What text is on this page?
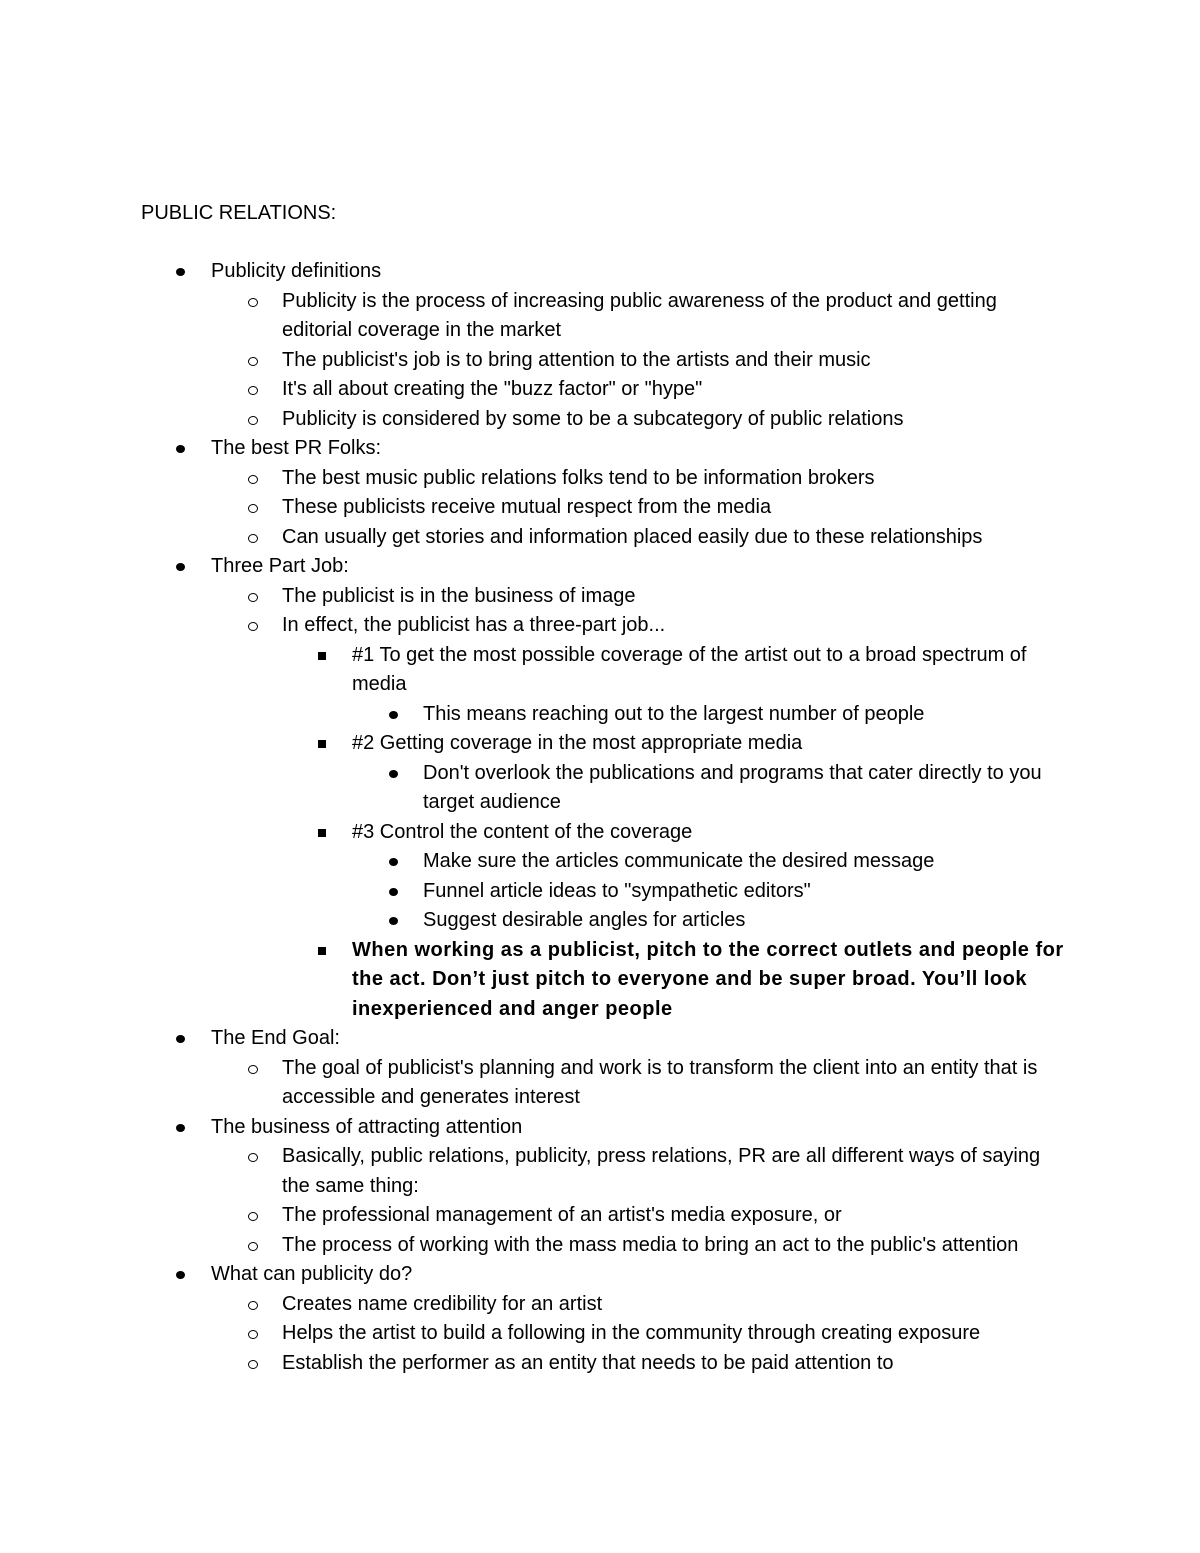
PUBLIC RELATIONS:
Publicity definitions
Publicity is the process of increasing public awareness of the product and getting editorial coverage in the market
The publicist's job is to bring attention to the artists and their music
It's all about creating the "buzz factor" or "hype"
Publicity is considered by some to be a subcategory of public relations
The best PR Folks:
The best music public relations folks tend to be information brokers
These publicists receive mutual respect from the media
Can usually get stories and information placed easily due to these relationships
Three Part Job:
The publicist is in the business of image
In effect, the publicist has a three-part job...
#1 To get the most possible coverage of the artist out to a broad spectrum of media
This means reaching out to the largest number of people
#2 Getting coverage in the most appropriate media
Don't overlook the publications and programs that cater directly to you target audience
#3 Control the content of the coverage
Make sure the articles communicate the desired message
Funnel article ideas to "sympathetic editors"
Suggest desirable angles for articles
When working as a publicist, pitch to the correct outlets and people for the act. Don’t just pitch to everyone and be super broad. You’ll look inexperienced and anger people
The End Goal:
The goal of publicist's planning and work is to transform the client into an entity that is accessible and generates interest
The business of attracting attention
Basically, public relations, publicity, press relations, PR are all different ways of saying the same thing:
The professional management of an artist's media exposure, or
The process of working with the mass media to bring an act to the public's attention
What can publicity do?
Creates name credibility for an artist
Helps the artist to build a following in the community through creating exposure
Establish the performer as an entity that needs to be paid attention to
